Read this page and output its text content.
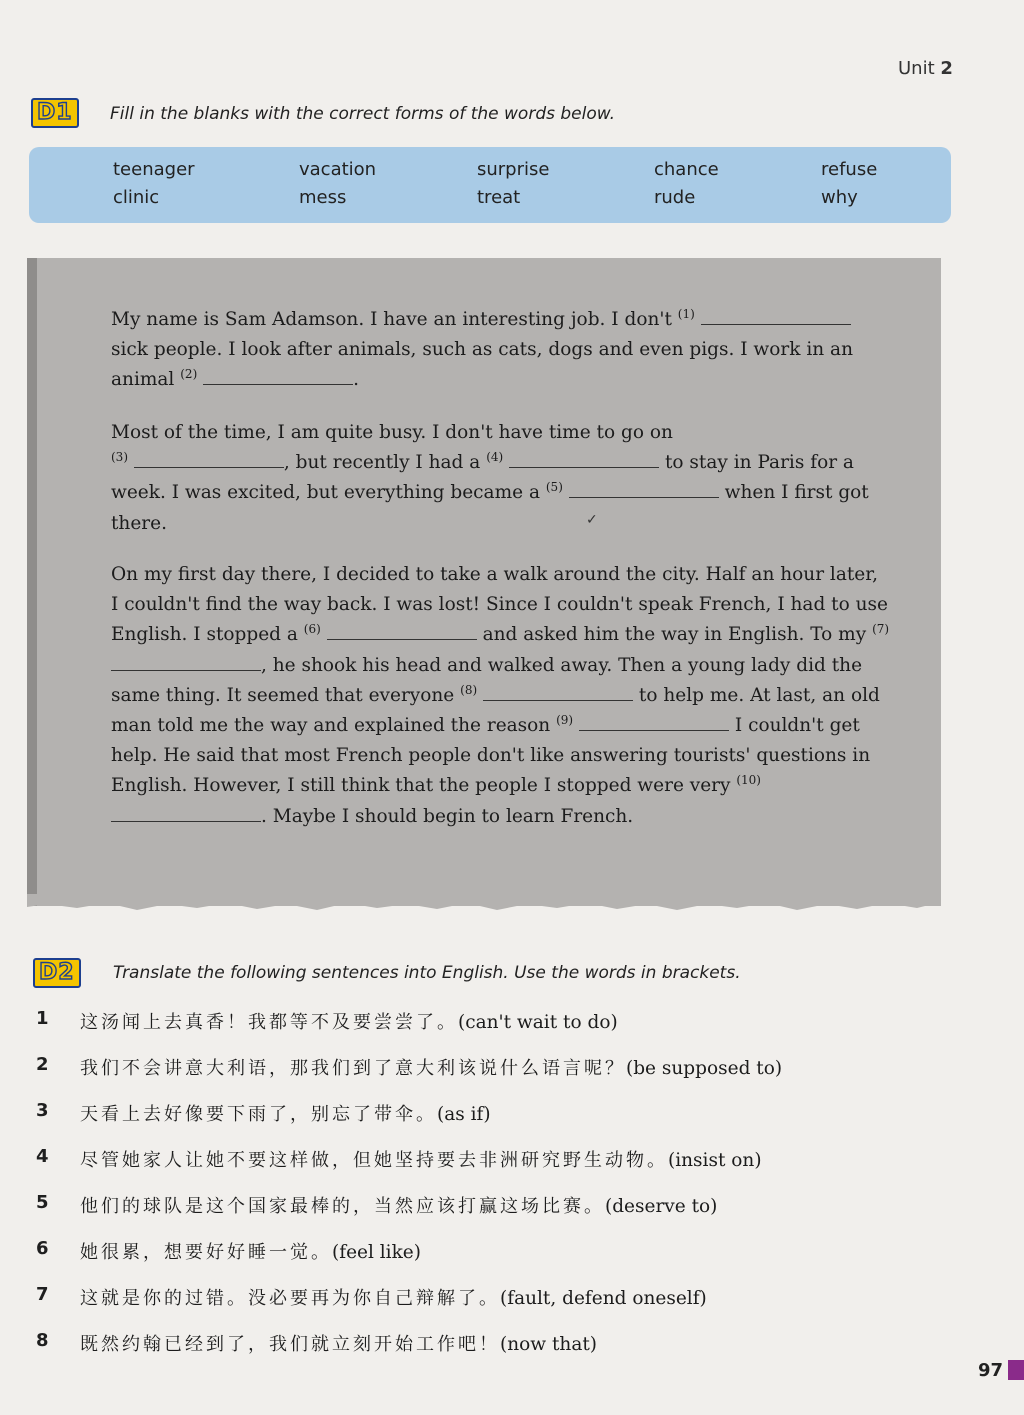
Unit 2
D1	Fill in the blanks with the correct forms of the words below.
teenager	vacation	surprise	chance	refuse
clinic	mess	treat	rude	why
My name is Sam Adamson. I have an interesting job. I don't $^{(1)}$  sick people. I look after animals, such as cats, dogs and even pigs. I work in an animal $^{(2)}$	.
Most of the time, I am quite busy. I don't have time to go on
$^{(3)}$	, but recently I had a $^{(4)}$	to stay in Paris for a week. I was excited, but everything became a $^{(5)}$	when I first got there.	✓
On my first day there, I decided to take a walk around the city. Half an hour later, I couldn't find the way back. I was lost! Since I couldn't speak French, I had to use English. I stopped a $^{(6)}$	and asked him the way in English. To my $^{(7)}$ , he shook his head and walked away. Then a young lady did the same thing. It seemed that everyone $^{(8)}$	to help me. At last, an old man told me the way and explained the reason $^{(9)}$	I couldn't get help. He said that most French people don't like answering tourists' questions in English. However, I still think that the people I stopped were very $^{(10)}$ . Maybe I should begin to learn French.
D2	Translate the following sentences into English. Use the words in brackets.
1	这汤闻上去真香！我都等不及要尝尝了。(can't wait to do)
2	我们不会讲意大利语，那我们到了意大利该说什么语言呢？(be supposed to)
3	天看上去好像要下雨了，别忘了带伞。(as if)
4	尽管她家人让她不要这样做，但她坚持要去非洲研究野生动物。(insist on)
5	他们的球队是这个国家最棒的，当然应该打赢这场比赛。(deserve to)
6	她很累，想要好好睡一觉。(feel like)
7	这就是你的过错。没必要再为你自己辩解了。(fault, defend oneself)
8	既然约翰已经到了，我们就立刻开始工作吧！(now that)
97
